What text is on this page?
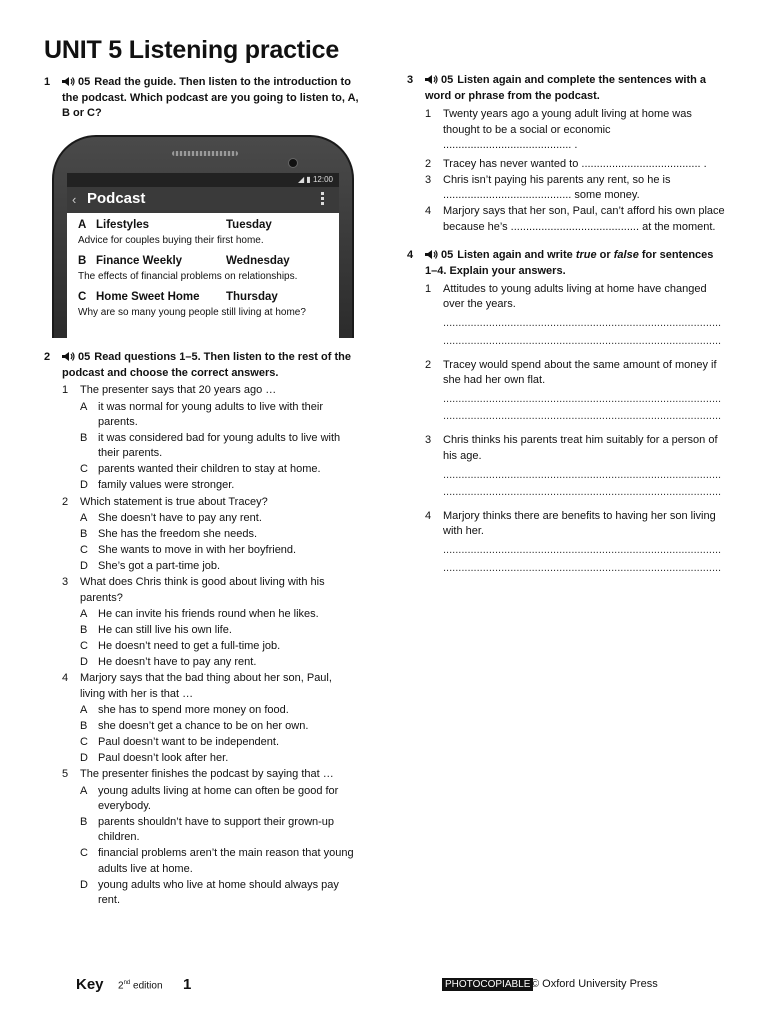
UNIT 5 Listening practice
1	05 Read the guide. Then listen to the introduction to the podcast. Which podcast are you going to listen to, A, B or C?
◢ ▮ 12:00
‹ Podcast
A Lifestyles	Tuesday
Advice for couples buying their first home.
B Finance Weekly	Wednesday
The effects of financial problems on relationships.
C Home Sweet Home Thursday
Why are so many young people still living at home?
2	05 Read questions 1–5. Then listen to the rest of the podcast and choose the correct answers.
1 The presenter says that 20 years ago …
A it was normal for young adults to live with their parents.
B it was considered bad for young adults to live with their parents.
C parents wanted their children to stay at home.
D family values were stronger.
2 Which statement is true about Tracey?
A She doesn’t have to pay any rent.
B She has the freedom she needs.
C She wants to move in with her boyfriend.
D She’s got a part-time job.
3 What does Chris think is good about living with his parents?
A He can invite his friends round when he likes.
B He can still live his own life.
C He doesn’t need to get a full-time job.
D He doesn’t have to pay any rent.
4 Marjory says that the bad thing about her son, Paul, living with her is that …
A she has to spend more money on food.
B she doesn’t get a chance to be on her own.
C Paul doesn’t want to be independent.
D Paul doesn’t look after her.
5 The presenter finishes the podcast by saying that …
A young adults living at home can often be good for everybody.
B parents shouldn’t have to support their grown-up children.
C financial problems aren’t the main reason that young adults live at home.
D young adults who live at home should always pay rent.
3	05 Listen again and complete the sentences with a word or phrase from the podcast.
1 Twenty years ago a young adult living at home was thought to be a social or economic
.......................................... .
2 Tracey has never wanted to ....................................... .
3 Chris isn’t paying his parents any rent, so he is .......................................... some money.
4 Marjory says that her son, Paul, can’t afford his own place because he’s .......................................... at the moment.
4	05 Listen again and write true or false for sentences 1–4. Explain your answers.
1 Attitudes to young adults living at home have changed over the years.
...........................................................................................
...........................................................................................
2 Tracey would spend about the same amount of money if she had her own flat.
...........................................................................................
...........................................................................................
3 Chris thinks his parents treat him suitably for a person of his age.
...........................................................................................
...........................................................................................
4 Marjory thinks there are benefits to having her son living with her.
...........................................................................................
...........................................................................................
Key 2nd edition 1	PHOTOCOPIABLE © Oxford University Press
